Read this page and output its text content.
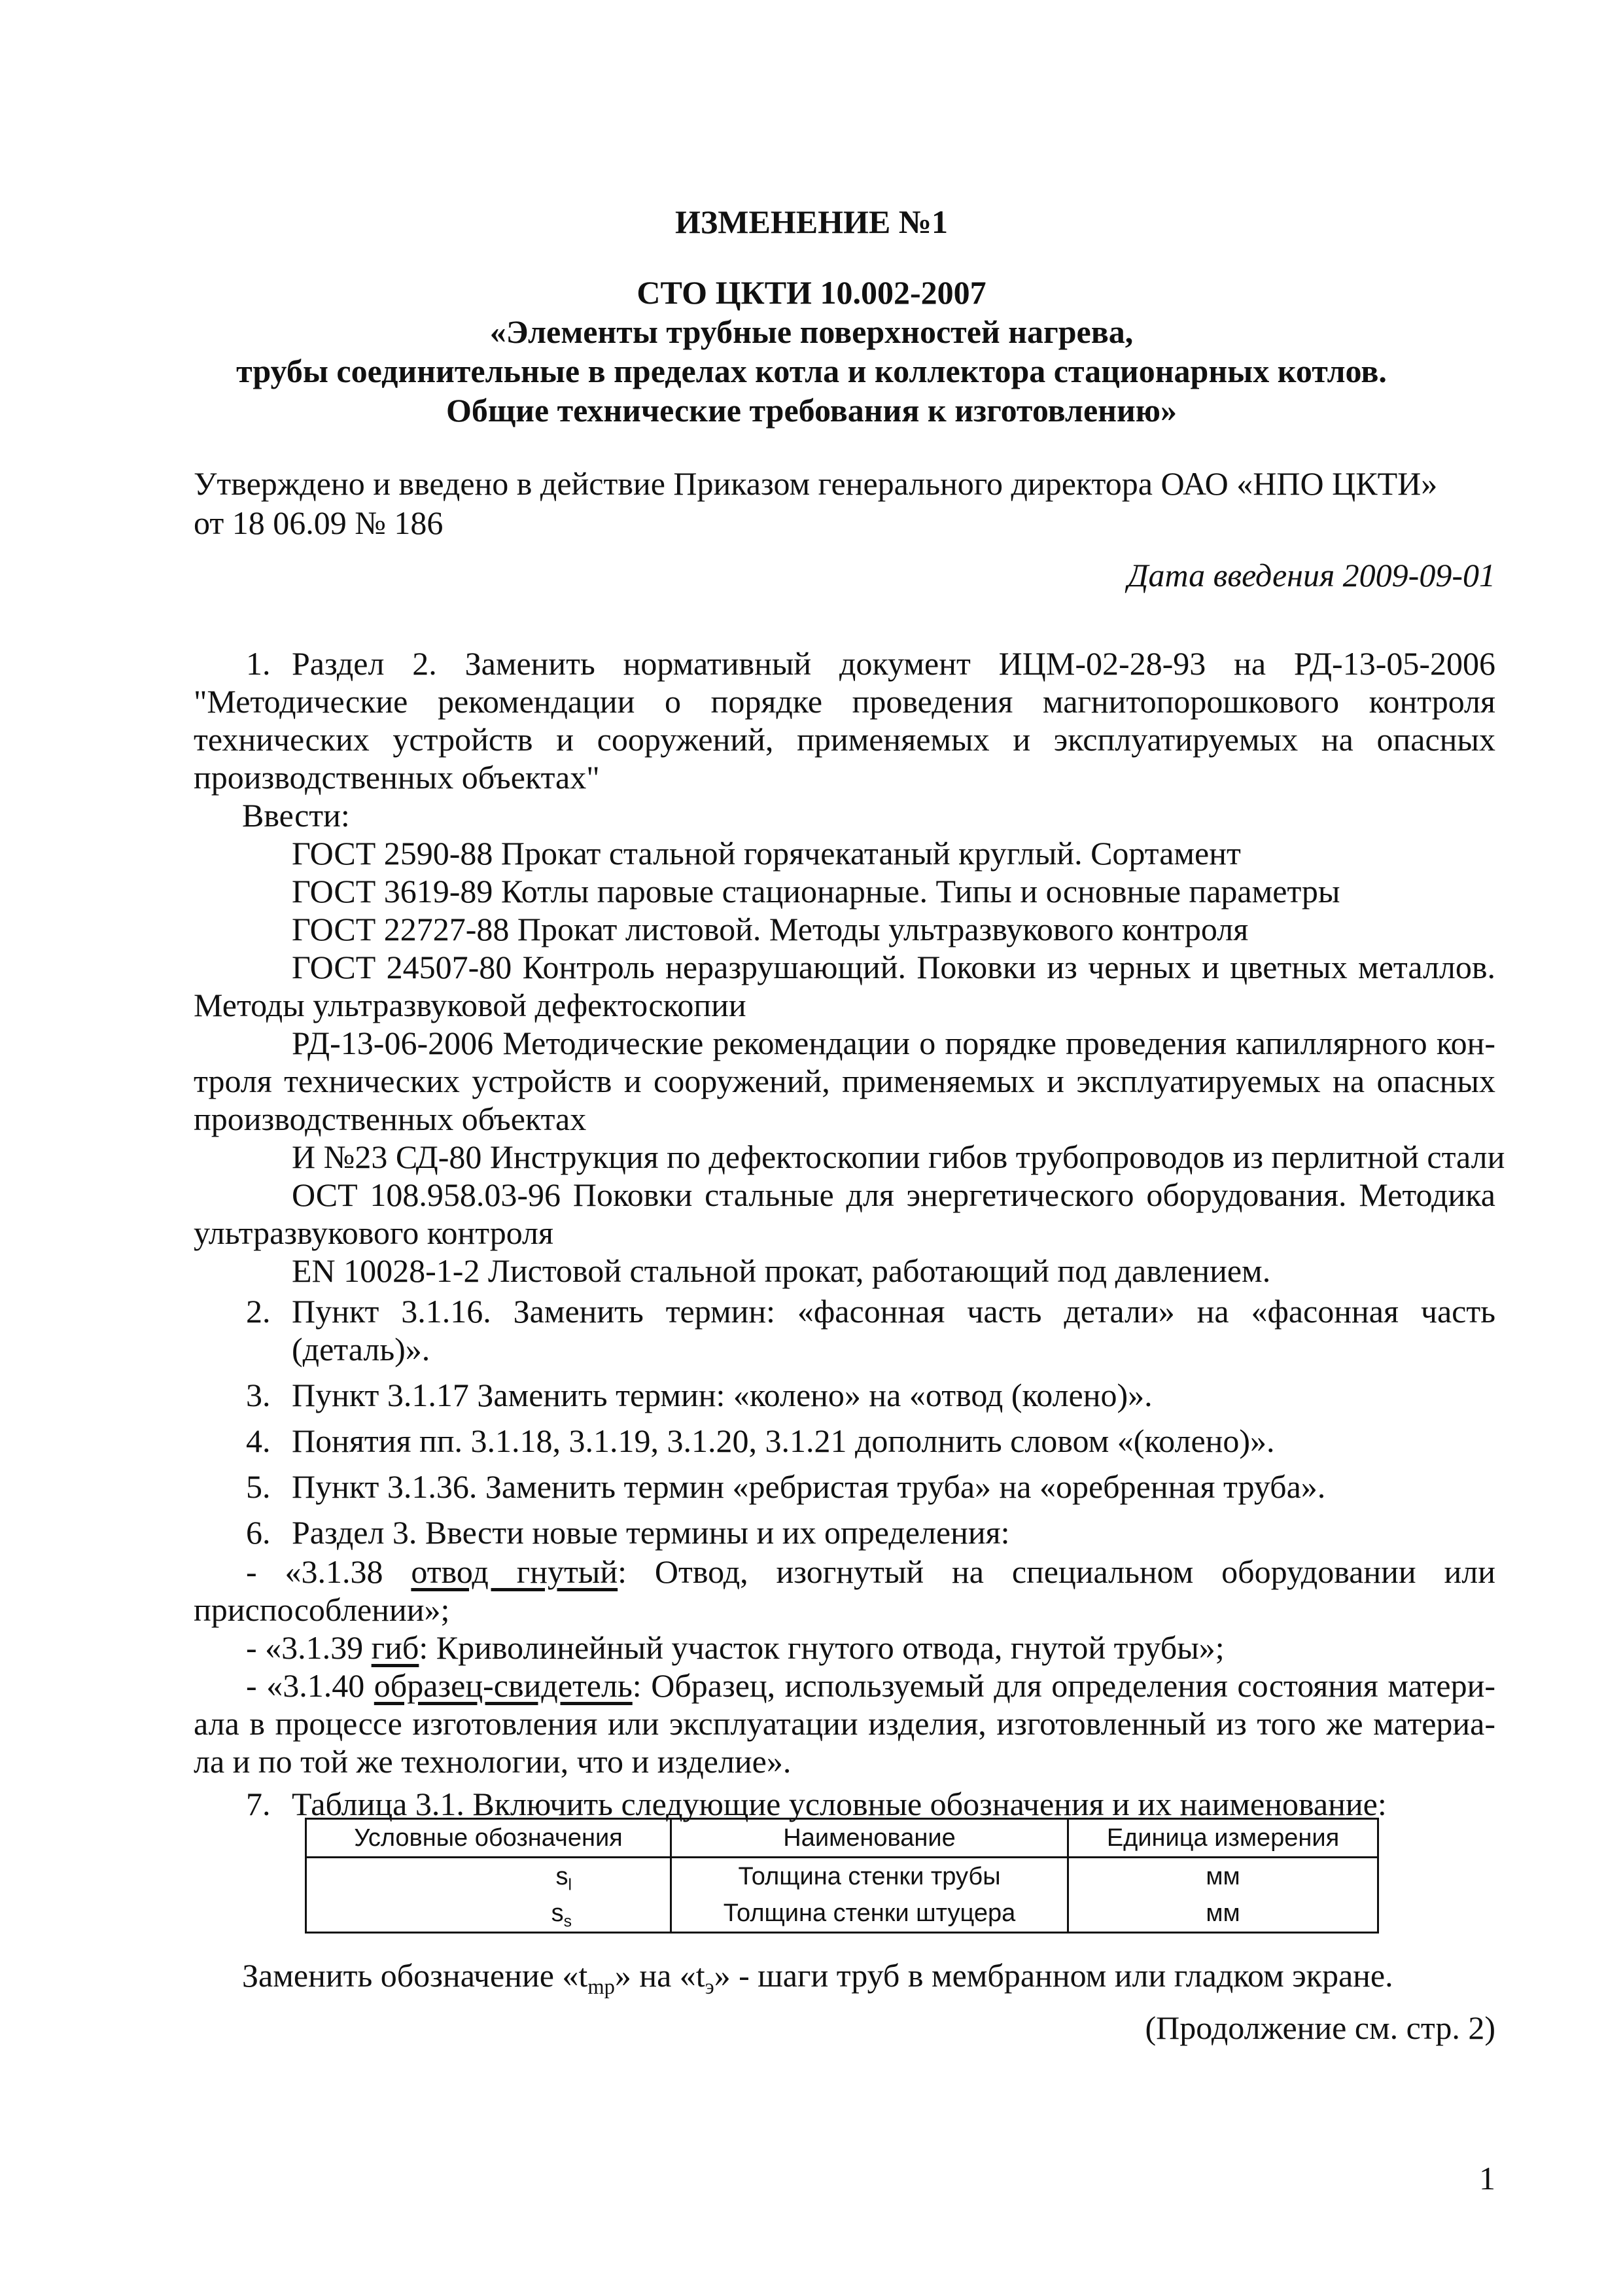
ИЗМЕНЕНИЕ №1
СТО ЦКТИ 10.002-2007
«Элементы трубные поверхностей нагрева,
трубы соединительные в пределах котла и коллектора стационарных котлов.
Общие технические требования к изготовлению»
Утверждено и введено в действие Приказом генерального директора ОАО «НПО ЦКТИ»
от 18 06.09 № 186
Дата введения 2009-09-01
1. Раздел 2. Заменить нормативный документ ИЦМ-02-28-93 на РД-13-05-2006
"Методические рекомендации о порядке проведения магнитопорошкового контроля
технических устройств и сооружений, применяемых и эксплуатируемых на опасных
производственных объектах"
Ввести:
ГОСТ 2590-88 Прокат стальной горячекатаный круглый. Сортамент
ГОСТ 3619-89 Котлы паровые стационарные. Типы и основные параметры
ГОСТ 22727-88 Прокат листовой. Методы ультразвукового контроля
ГОСТ 24507-80 Контроль неразрушающий. Поковки из черных и цветных металлов.
Методы ультразвуковой дефектоскопии
РД-13-06-2006 Методические рекомендации о порядке проведения капиллярного кон-
троля технических устройств и сооружений, применяемых и эксплуатируемых на опасных
производственных объектах
И №23 СД-80 Инструкция по дефектоскопии гибов трубопроводов из перлитной стали
ОСТ 108.958.03-96 Поковки стальные для энергетического оборудования. Методика
ультразвукового контроля
EN 10028-1-2 Листовой стальной прокат, работающий под давлением.
2. Пункт 3.1.16. Заменить термин: «фасонная часть детали» на «фасонная часть
(деталь)».
3. Пункт 3.1.17 Заменить термин: «колено» на «отвод (колено)».
4. Понятия пп. 3.1.18, 3.1.19, 3.1.20, 3.1.21 дополнить словом «(колено)».
5. Пункт 3.1.36. Заменить термин «ребристая труба» на «оребренная труба».
6. Раздел 3. Ввести новые термины и их определения:
- «3.1.38 отвод гнутый: Отвод, изогнутый на специальном оборудовании или
приспособлении»;
- «3.1.39 гиб: Криволинейный участок гнутого отвода, гнутой трубы»;
- «3.1.40 образец-свидетель: Образец, используемый для определения состояния матери-
ала в процессе изготовления или эксплуатации изделия, изготовленный из того же материа-
ла и по той же технологии, что и изделие».
7. Таблица 3.1. Включить следующие условные обозначения и их наименование:
Условные обозначения	Наименование	Единица измерения
$s_l$	Толщина стенки трубы	мм
$s_s$	Толщина стенки штуцера	мм
Заменить обозначение «$t_{mp}$» на «$t_э$» - шаги труб в мембранном или гладком экране.
(Продолжение см. стр. 2)
1
